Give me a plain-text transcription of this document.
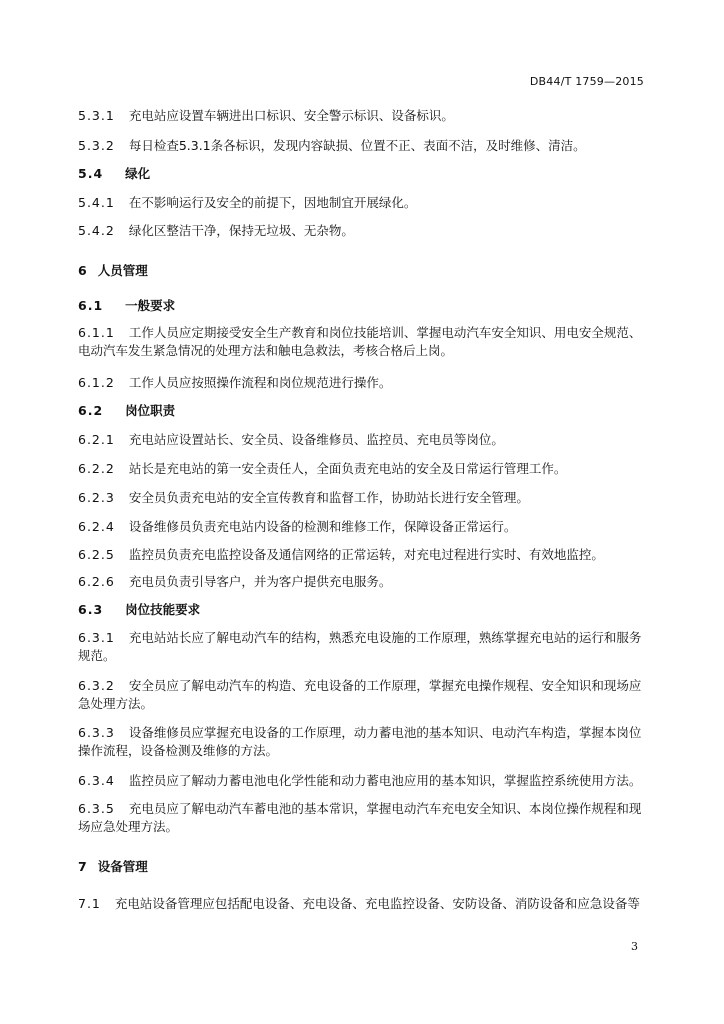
DB44/T 1759—2015
5.3.1 充电站应设置车辆进出口标识、安全警示标识、设备标识。
5.3.2 每日检查5.3.1条各标识，发现内容缺损、位置不正、表面不洁，及时维修、清洁。
5.4 绿化
5.4.1 在不影响运行及安全的前提下，因地制宜开展绿化。
5.4.2 绿化区整洁干净，保持无垃圾、无杂物。
6 人员管理
6.1 一般要求
6.1.1 工作人员应定期接受安全生产教育和岗位技能培训、掌握电动汽车安全知识、用电安全规范、电动汽车发生紧急情况的处理方法和触电急救法，考核合格后上岗。
6.1.2 工作人员应按照操作流程和岗位规范进行操作。
6.2 岗位职责
6.2.1 充电站应设置站长、安全员、设备维修员、监控员、充电员等岗位。
6.2.2 站长是充电站的第一安全责任人，全面负责充电站的安全及日常运行管理工作。
6.2.3 安全员负责充电站的安全宣传教育和监督工作，协助站长进行安全管理。
6.2.4 设备维修员负责充电站内设备的检测和维修工作，保障设备正常运行。
6.2.5 监控员负责充电监控设备及通信网络的正常运转，对充电过程进行实时、有效地监控。
6.2.6 充电员负责引导客户，并为客户提供充电服务。
6.3 岗位技能要求
6.3.1 充电站站长应了解电动汽车的结构，熟悉充电设施的工作原理，熟练掌握充电站的运行和服务规范。
6.3.2 安全员应了解电动汽车的构造、充电设备的工作原理，掌握充电操作规程、安全知识和现场应急处理方法。
6.3.3 设备维修员应掌握充电设备的工作原理，动力蓄电池的基本知识、电动汽车构造，掌握本岗位操作流程，设备检测及维修的方法。
6.3.4 监控员应了解动力蓄电池电化学性能和动力蓄电池应用的基本知识，掌握监控系统使用方法。
6.3.5 充电员应了解电动汽车蓄电池的基本常识，掌握电动汽车充电安全知识、本岗位操作规程和现场应急处理方法。
7 设备管理
7.1 充电站设备管理应包括配电设备、充电设备、充电监控设备、安防设备、消防设备和应急设备等
3
